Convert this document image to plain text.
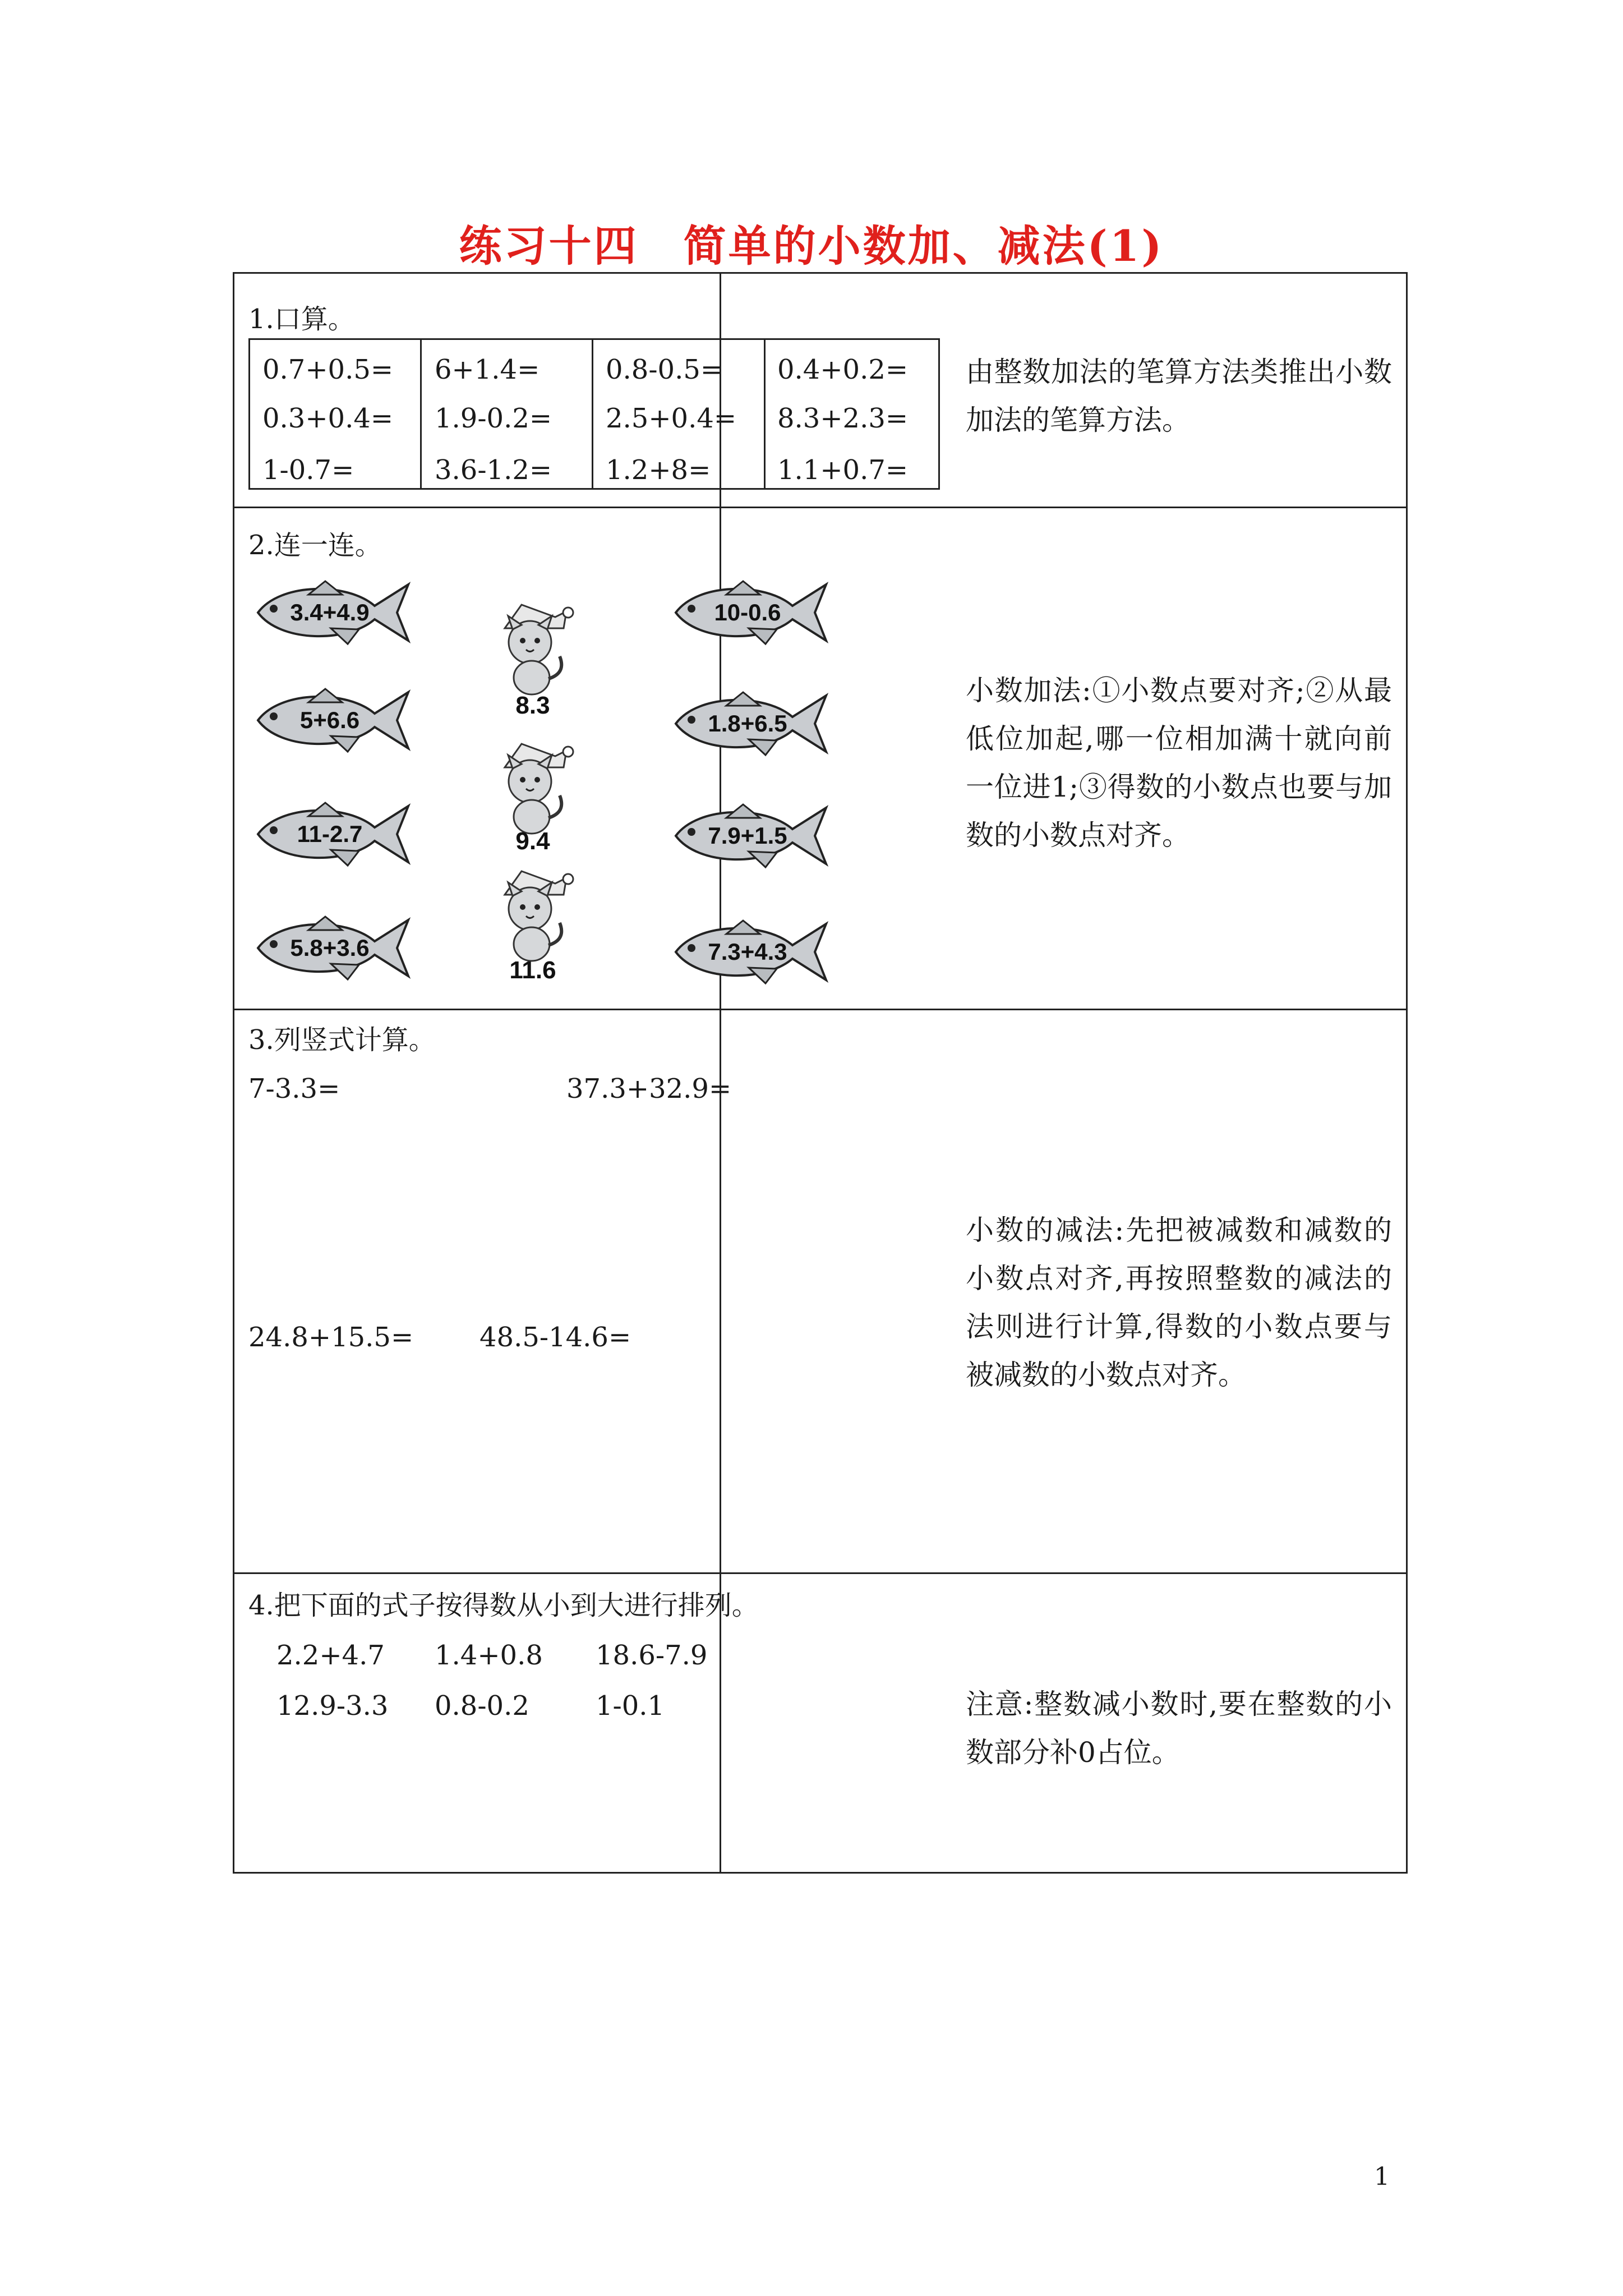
练习十四　简单的小数加、减法(1)
1.口算。
0.7+0.5=
0.3+0.4=
1-0.7=
6+1.4=
1.9-0.2=
3.6-1.2=
0.8-0.5=
2.5+0.4=
1.2+8=
0.4+0.2=
8.3+2.3=
1.1+0.7=
由整数加法的笔算方法类推出小数加法的笔算方法。
2.连一连。
3.4+4.9
5+6.6
11-2.7
5.8+3.6
8.3
9.4
11.6
10-0.6
1.8+6.5
7.9+1.5
7.3+4.3
小数加法:①小数点要对齐;②从最低位加起,哪一位相加满十就向前一位进1;③得数的小数点也要与加数的小数点对齐。
3.列竖式计算。
7-3.3=	37.3+32.9=
24.8+15.5= 48.5-14.6=
小数的减法:先把被减数和减数的小数点对齐,再按照整数的减法的法则进行计算,得数的小数点要与被减数的小数点对齐。
4.把下面的式子按得数从小到大进行排列。
2.2+4.7 1.4+0.8 18.6-7.9
12.9-3.3 0.8-0.2 1-0.1	注意:整数减小数时,要在整数的小数部分补0占位。
1
